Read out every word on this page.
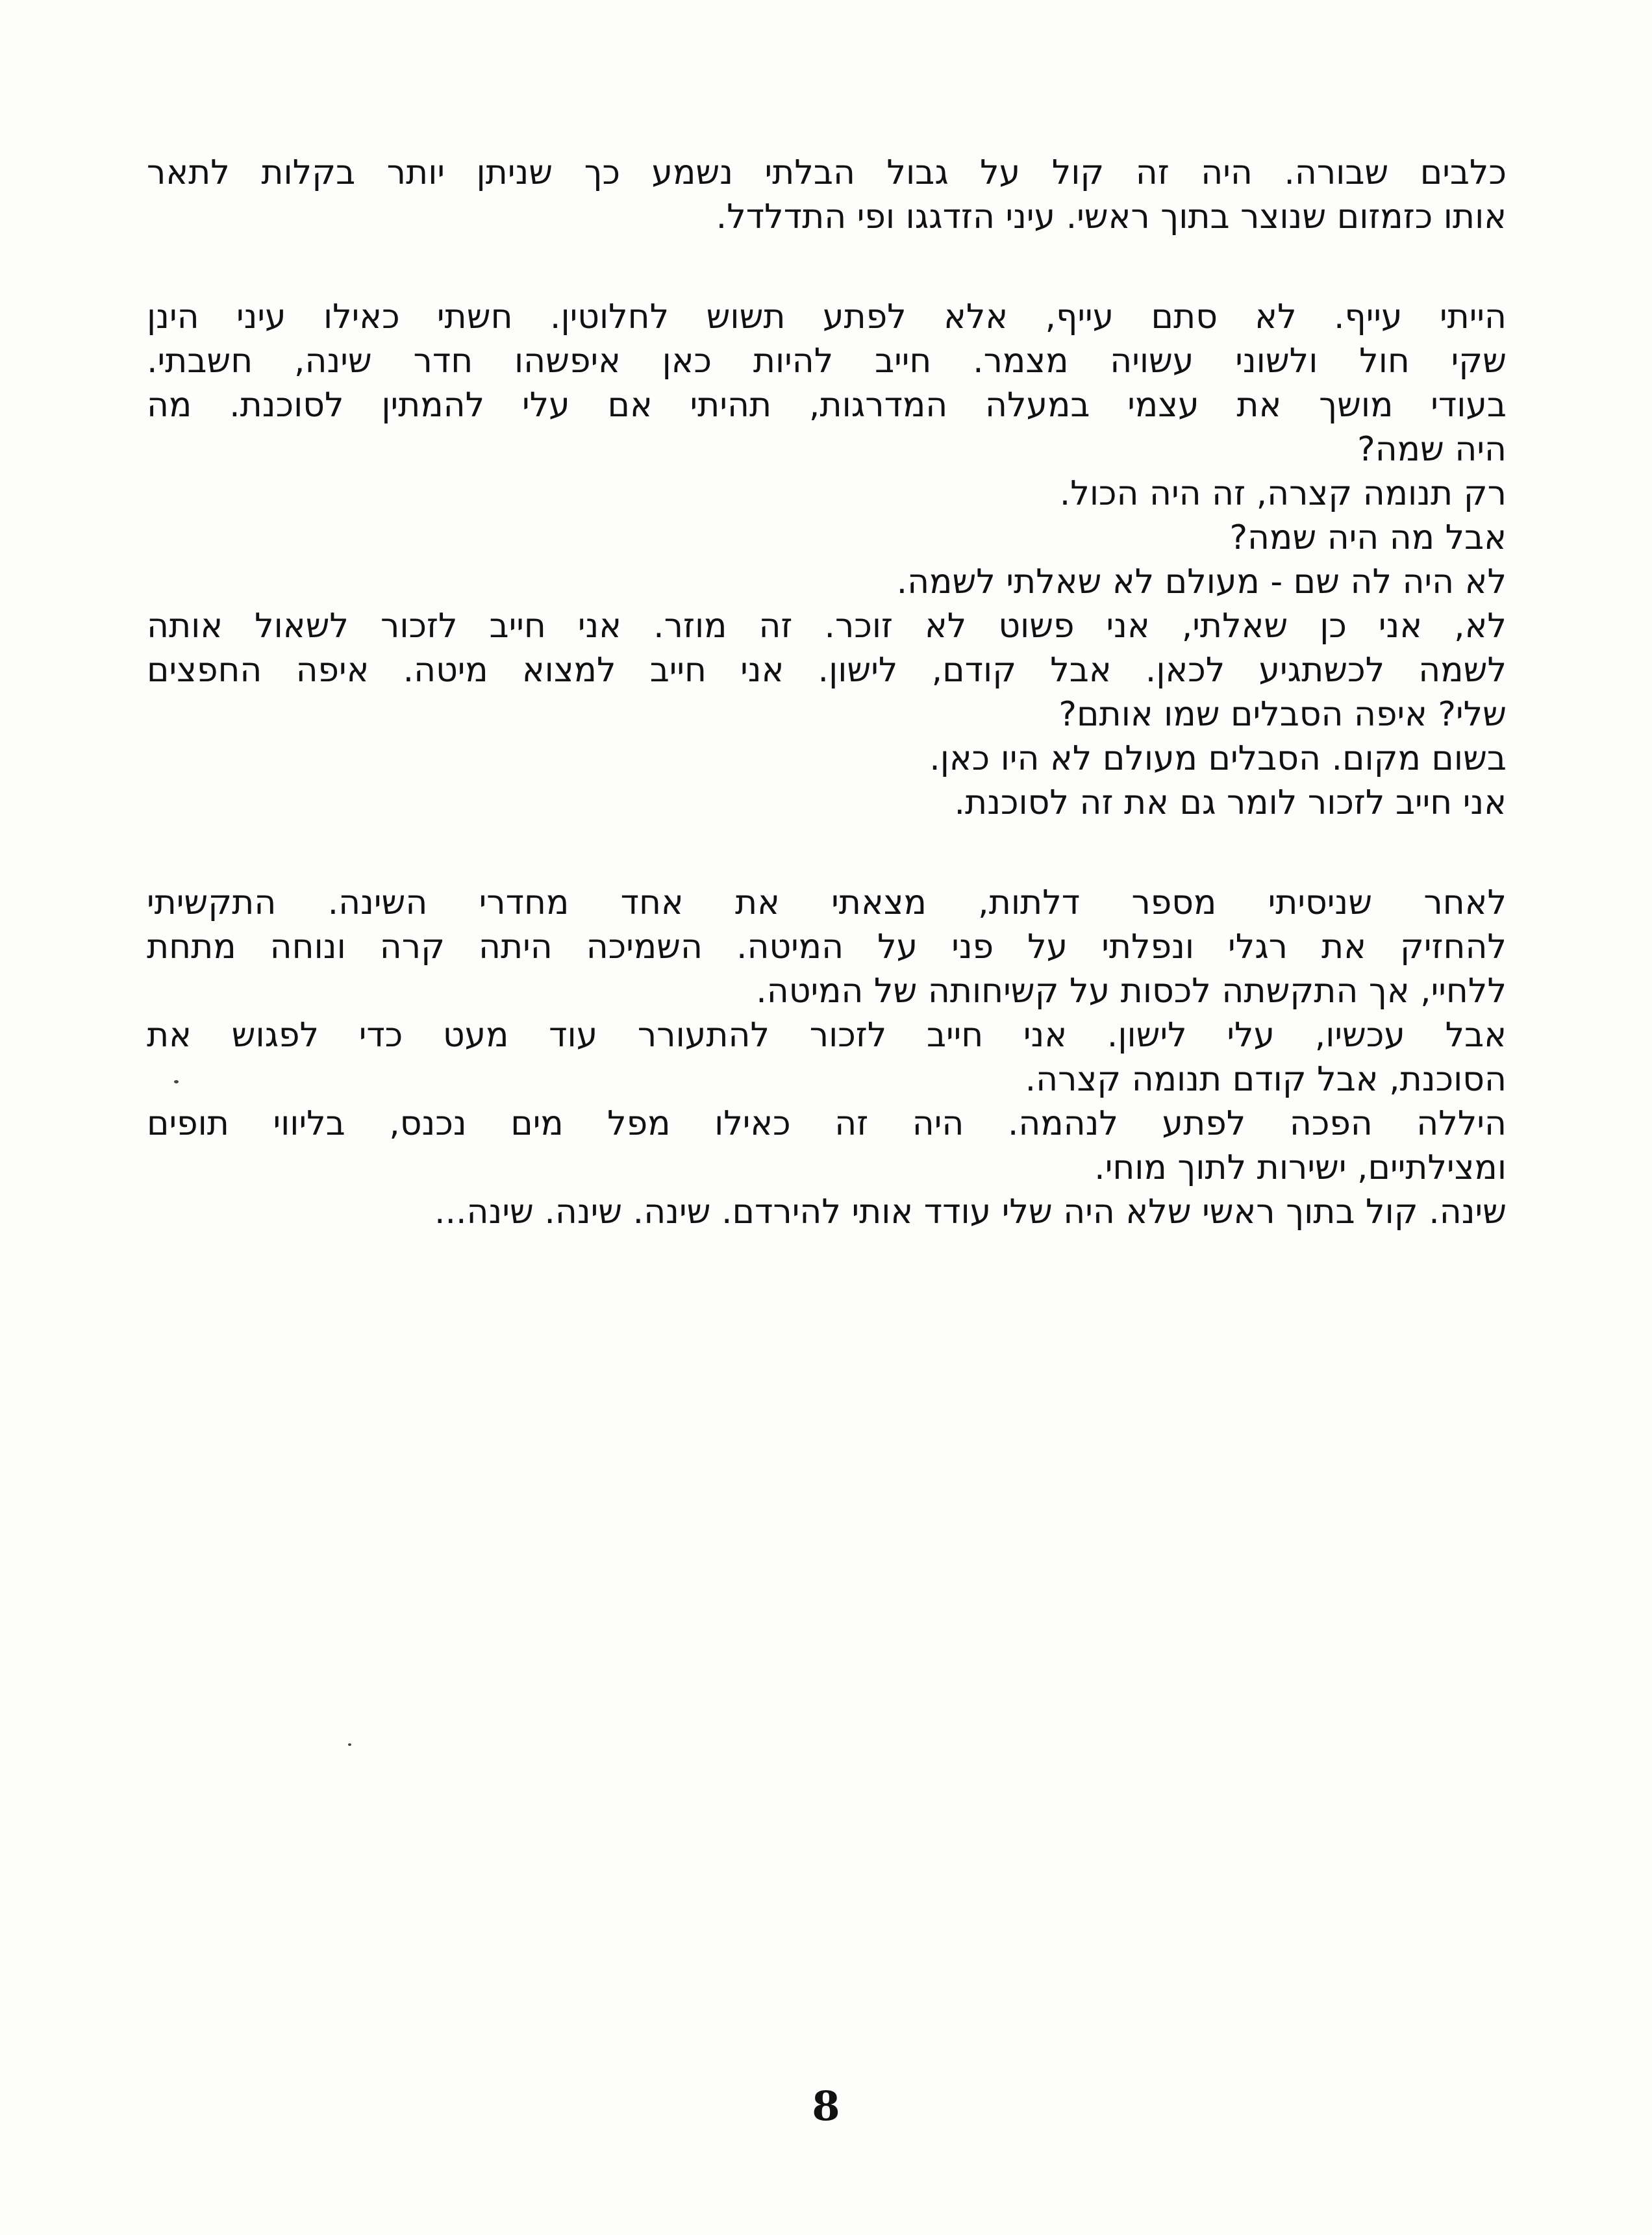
כלבים שבורה. היה זה קול על גבול הבלתי נשמע כך שניתן יותר בקלות לתאר
אותו כזמזום שנוצר בתוך ראשי. עיני הזדגגו ופי התדלדל.
הייתי עייף. לא סתם עייף, אלא לפתע תשוש לחלוטין. חשתי כאילו עיני הינן
שקי חול ולשוני עשויה מצמר. חייב להיות כאן איפשהו חדר שינה, חשבתי.
בעודי מושך את עצמי במעלה המדרגות, תהיתי אם עלי להמתין לסוכנת. מה
היה שמה?
רק תנומה קצרה, זה היה הכול.
אבל מה היה שמה?
לא היה לה שם - מעולם לא שאלתי לשמה.
לא, אני כן שאלתי, אני פשוט לא זוכר. זה מוזר. אני חייב לזכור לשאול אותה
לשמה לכשתגיע לכאן. אבל קודם, לישון. אני חייב למצוא מיטה. איפה החפצים
שלי? איפה הסבלים שמו אותם?
בשום מקום. הסבלים מעולם לא היו כאן.
אני חייב לזכור לומר גם את זה לסוכנת.
לאחר שניסיתי מספר דלתות, מצאתי את אחד מחדרי השינה. התקשיתי
להחזיק את רגלי ונפלתי על פני על המיטה. השמיכה היתה קרה ונוחה מתחת
ללחיי, אך התקשתה לכסות על קשיחותה של המיטה.
אבל עכשיו, עלי לישון. אני חייב לזכור להתעורר עוד מעט כדי לפגוש את
הסוכנת, אבל קודם תנומה קצרה.
היללה הפכה לפתע לנהמה. היה זה כאילו מפל מים נכנס, בליווי תופים
ומצילתיים, ישירות לתוך מוחי.
שינה. קול בתוך ראשי שלא היה שלי עודד אותי להירדם. שינה. שינה. שינה...
8
